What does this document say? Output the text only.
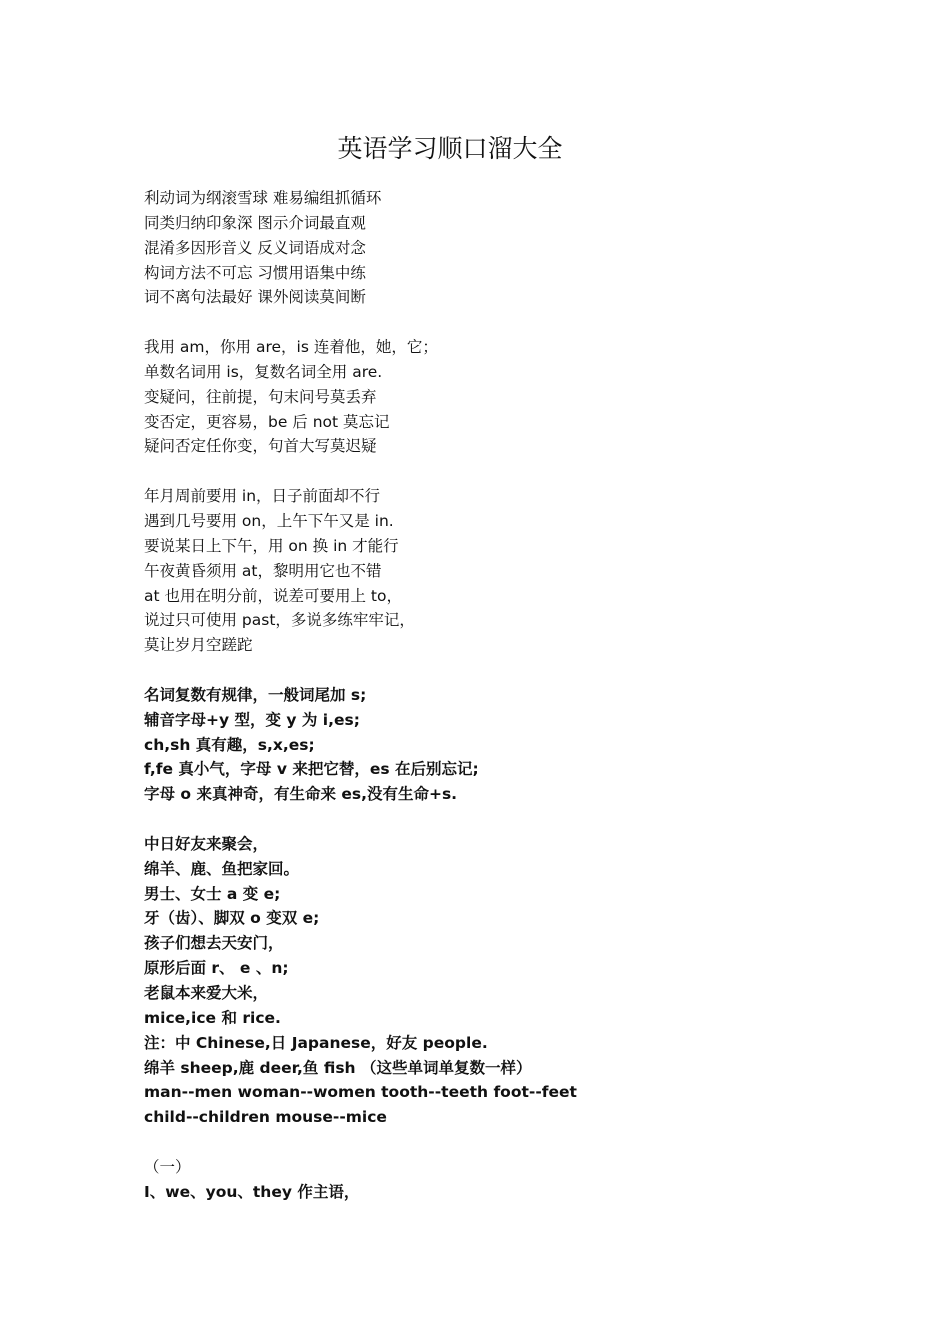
英语学习顺口溜大全
利动词为纲滚雪球 难易编组抓循环
同类归纳印象深 图示介词最直观
混淆多因形音义 反义词语成对念
构词方法不可忘 习惯用语集中练
词不离句法最好 课外阅读莫间断
我用 am，你用 are，is 连着他，她，它；
单数名词用 is，复数名词全用 are.
变疑问，往前提，句末问号莫丢弃
变否定，更容易，be 后 not 莫忘记
疑问否定任你变，句首大写莫迟疑
年月周前要用 in，日子前面却不行
遇到几号要用 on，上午下午又是 in.
要说某日上下午，用 on 换 in 才能行
午夜黄昏须用 at，黎明用它也不错
at 也用在明分前，说差可要用上 to，
说过只可使用 past，多说多练牢牢记，
莫让岁月空蹉跎
名词复数有规律，一般词尾加 s;
辅音字母+y 型，变 y 为 i,es;
ch,sh 真有趣，s,x,es;
f,fe 真小气，字母 v 来把它替，es 在后别忘记;
字母 o 来真神奇，有生命来 es,没有生命+s.
中日好友来聚会，
绵羊、鹿、鱼把家回。
男士、女士 a 变 e;
牙（齿）、脚双 o 变双 e;
孩子们想去天安门，
原形后面 r、 e 、n;
老鼠本来爱大米，
mice,ice 和 rice.
注：中 Chinese,日 Japanese，好友 people.
绵羊 sheep,鹿 deer,鱼 fish （这些单词单复数一样）
man--men woman--women tooth--teeth foot--feet
child--children mouse--mice
（一）
I、we、you、they 作主语，
